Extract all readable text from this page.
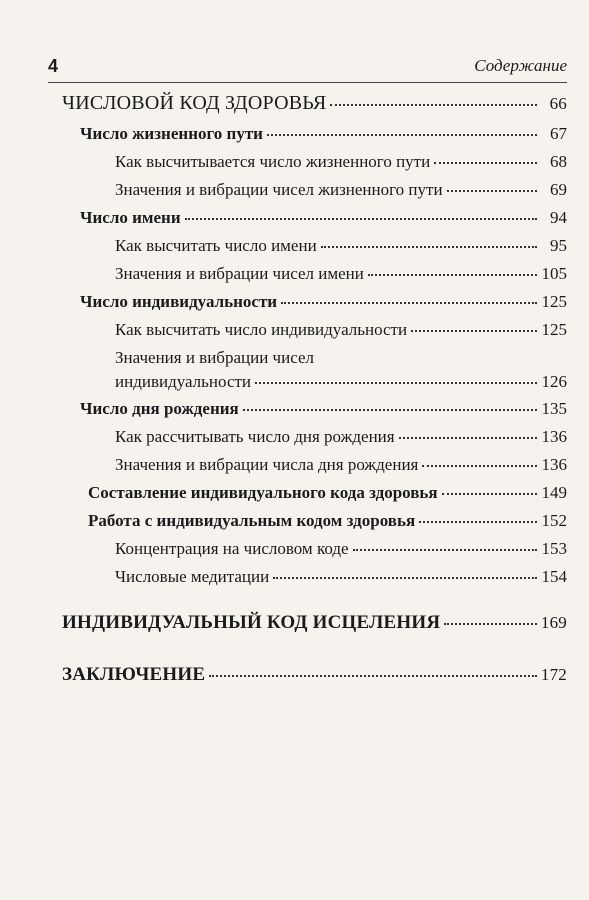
4	Содержание
ЧИСЛОВОЙ КОД ЗДОРОВЬЯ	66
Число жизненного пути	67
Как высчитывается число жизненного пути	68
Значения и вибрации чисел жизненного пути	69
Число имени	94
Как высчитать число имени	95
Значения и вибрации чисел имени	105
Число индивидуальности	125
Как высчитать число индивидуальности	125
Значения и вибрации чисел
индивидуальности	126
Число дня рождения	135
Как рассчитывать число дня рождения	136
Значения и вибрации числа дня рождения	136
Составление индивидуального кода здоровья	149
Работа с индивидуальным кодом здоровья	152
Концентрация на числовом коде	153
Числовые медитации	154
ИНДИВИДУАЛЬНЫЙ КОД ИСЦЕЛЕНИЯ	169
ЗАКЛЮЧЕНИЕ	172
